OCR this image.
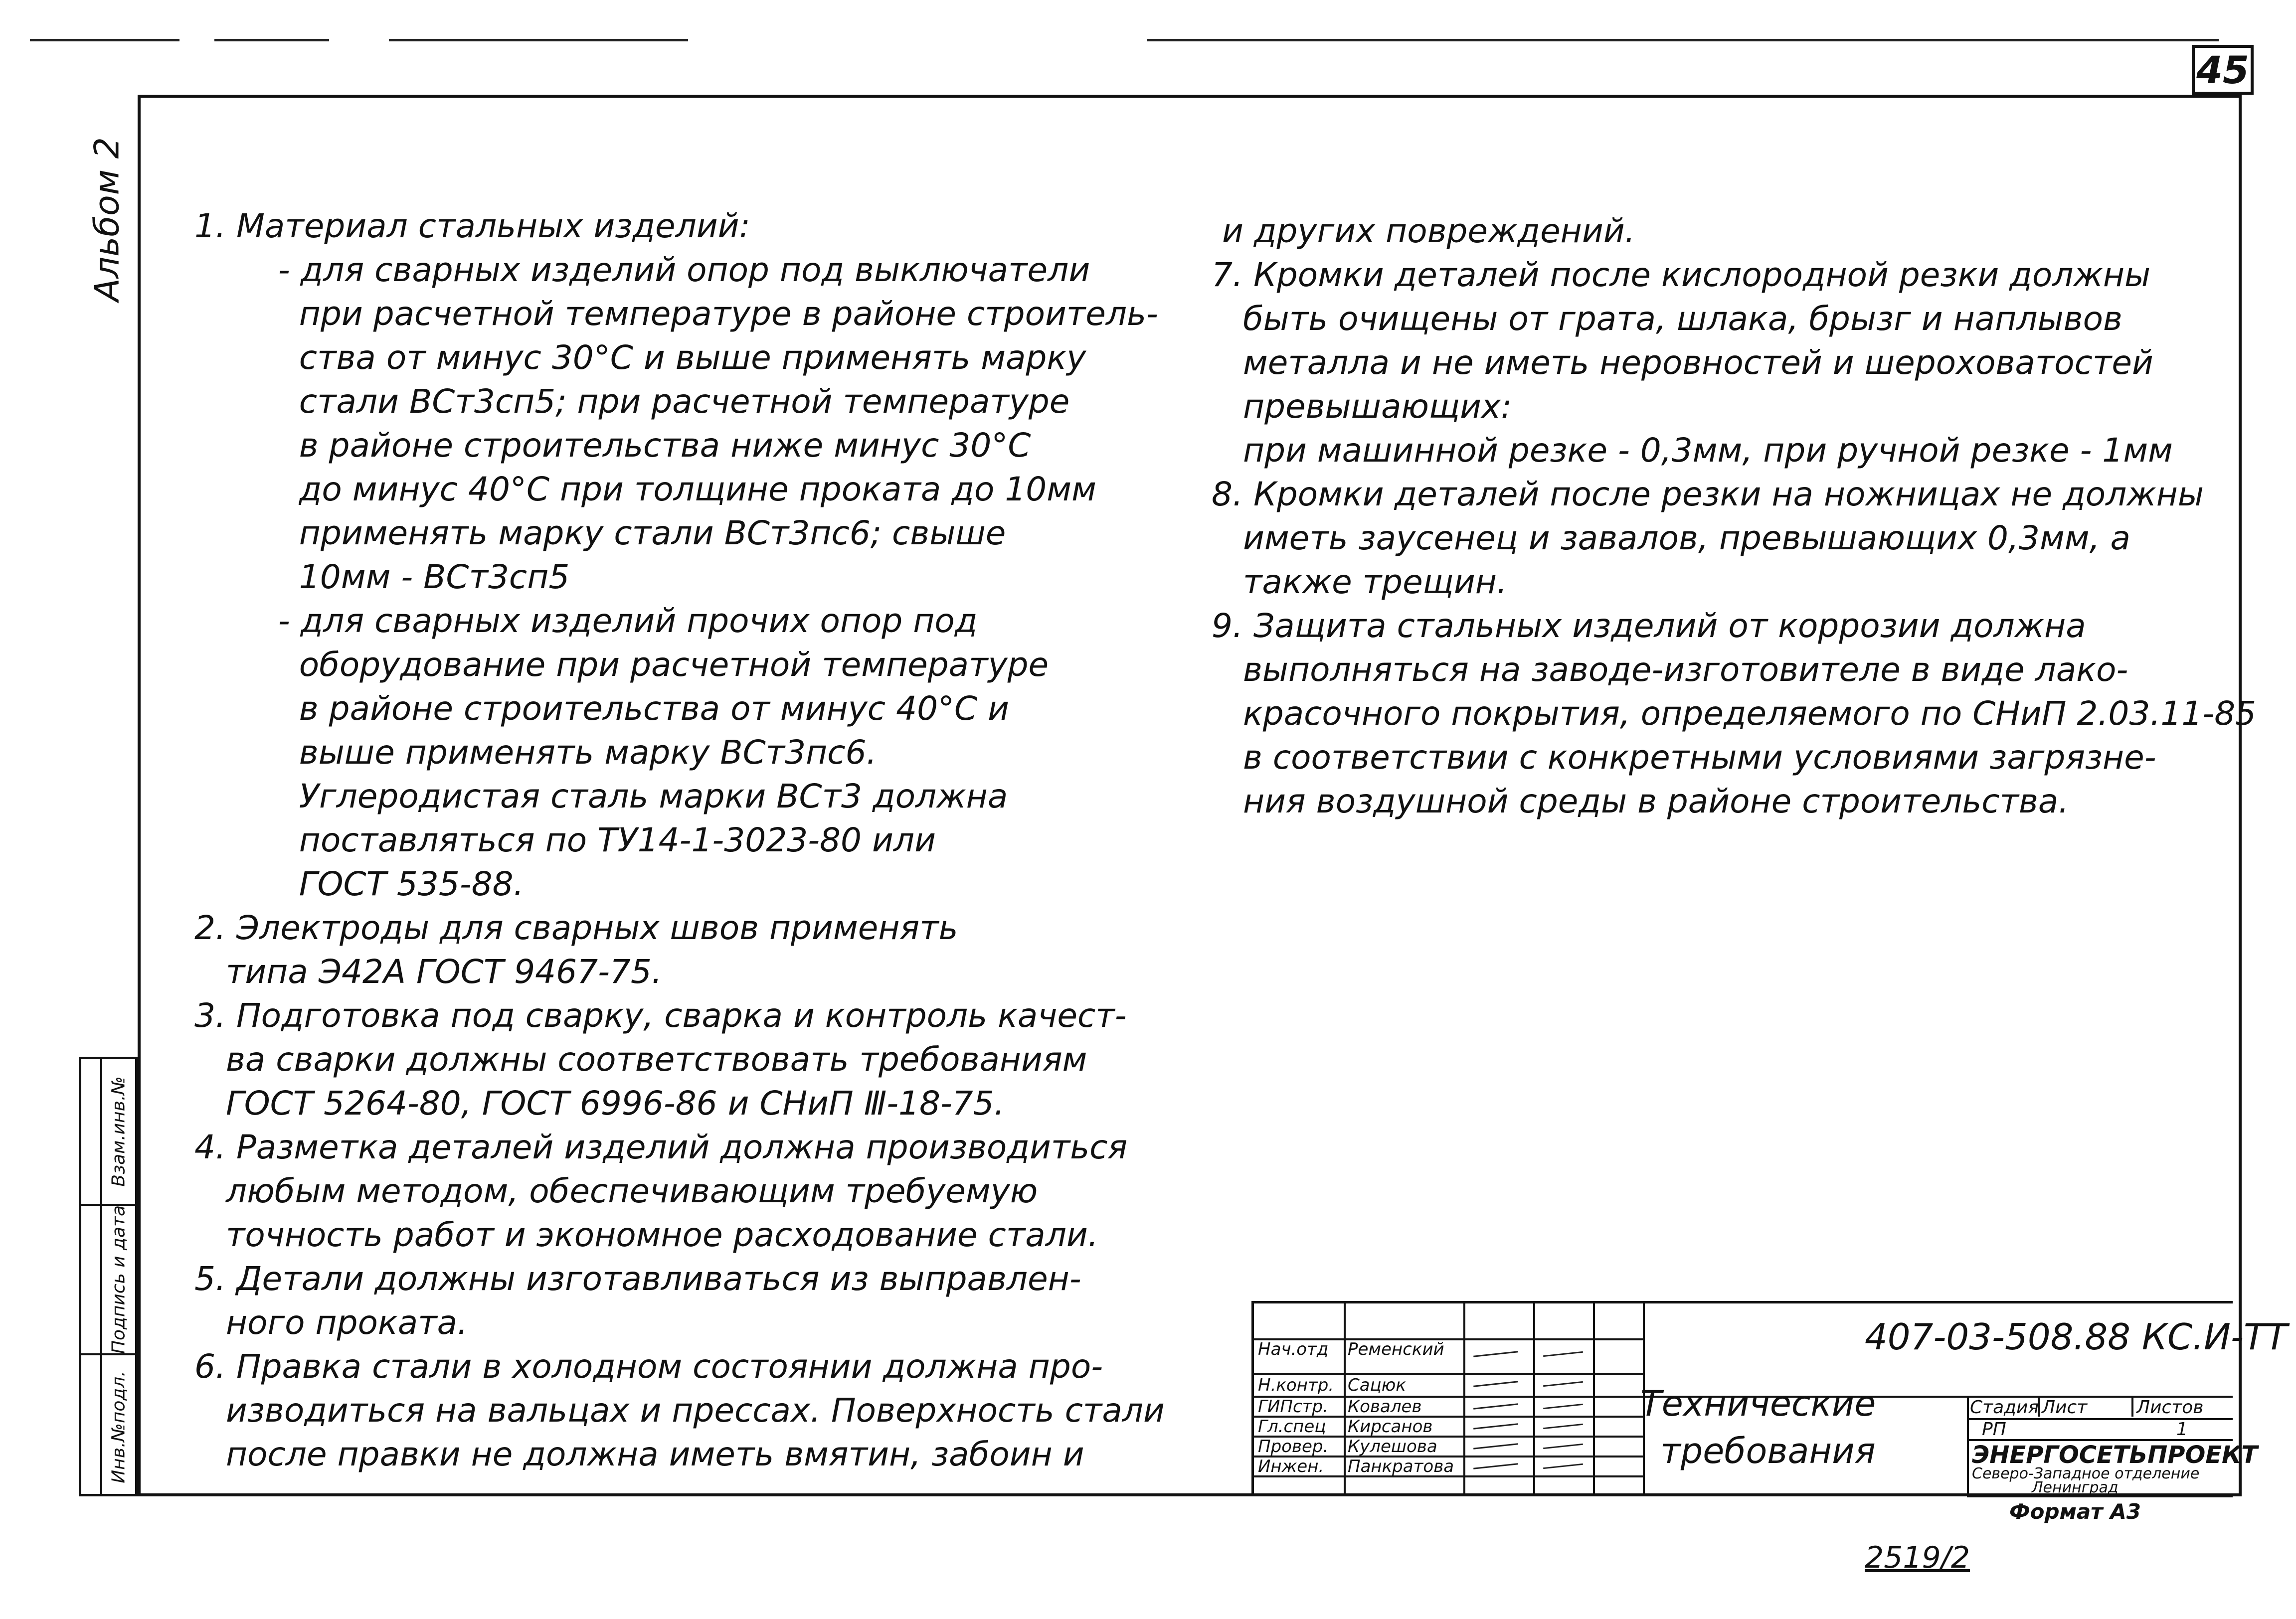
45
Альбом 2
Взам.инв.№
Подпись и дата
Инв.№подл.
1. Материал стальных изделий:
- для сварных изделий опор под выключатели
при расчетной температуре в районе строитель-
ства от минус 30°С и выше применять марку
стали ВСт3сп5; при расчетной температуре
в районе строительства ниже минус 30°С
до минус 40°С при толщине проката до 10мм
применять марку стали ВСт3пс6; свыше
10мм - ВСт3сп5
- для сварных изделий прочих опор под
оборудование при расчетной температуре
в районе строительства от минус 40°С и
выше применять марку ВСт3пс6.
Углеродистая сталь марки ВСт3 должна
поставляться по ТУ14-1-3023-80 или
ГОСТ 535-88.
2. Электроды для сварных швов применять
типа Э42А ГОСТ 9467-75.
3. Подготовка под сварку, сварка и контроль качест-
ва сварки должны соответствовать требованиям
ГОСТ 5264-80, ГОСТ 6996-86 и СНиП Ⅲ-18-75.
4. Разметка деталей изделий должна производиться
любым методом, обеспечивающим требуемую
точность работ и экономное расходование стали.
5. Детали должны изготавливаться из выправлен-
ного проката.
6. Правка стали в холодном состоянии должна про-
изводиться на вальцах и прессах. Поверхность стали
после правки не должна иметь вмятин, забоин и
и других повреждений.
7. Кромки деталей после кислородной резки должны
быть очищены от грата, шлака, брызг и наплывов
металла и не иметь неровностей и шероховатостей
превышающих:
при машинной резке - 0,3мм, при ручной резке - 1мм
8. Кромки деталей после резки на ножницах не должны
иметь заусенец и завалов, превышающих 0,3мм, а
также трещин.
9. Защита стальных изделий от коррозии должна
выполняться на заводе-изготовителе в виде лако-
красочного покрытия, определяемого по СНиП 2.03.11-85
в соответствии с конкретными условиями загрязне-
ния воздушной среды в районе строительства.
Нач.отд
Н.контр.
ГИПстр.
Гл.спец
Провер.
Инжен.
Ременский
Сацюк
Ковалев
Кирсанов
Кулешова
Панкратова
Стадия Лист	Листов
РП	1
ЭНЕРГОСЕТЬПРОЕКТ
Северо-Западное отделение
Ленинград
407-03-508.88 КС.И-ТТ
Технические
требования
Формат А3
2519/2
